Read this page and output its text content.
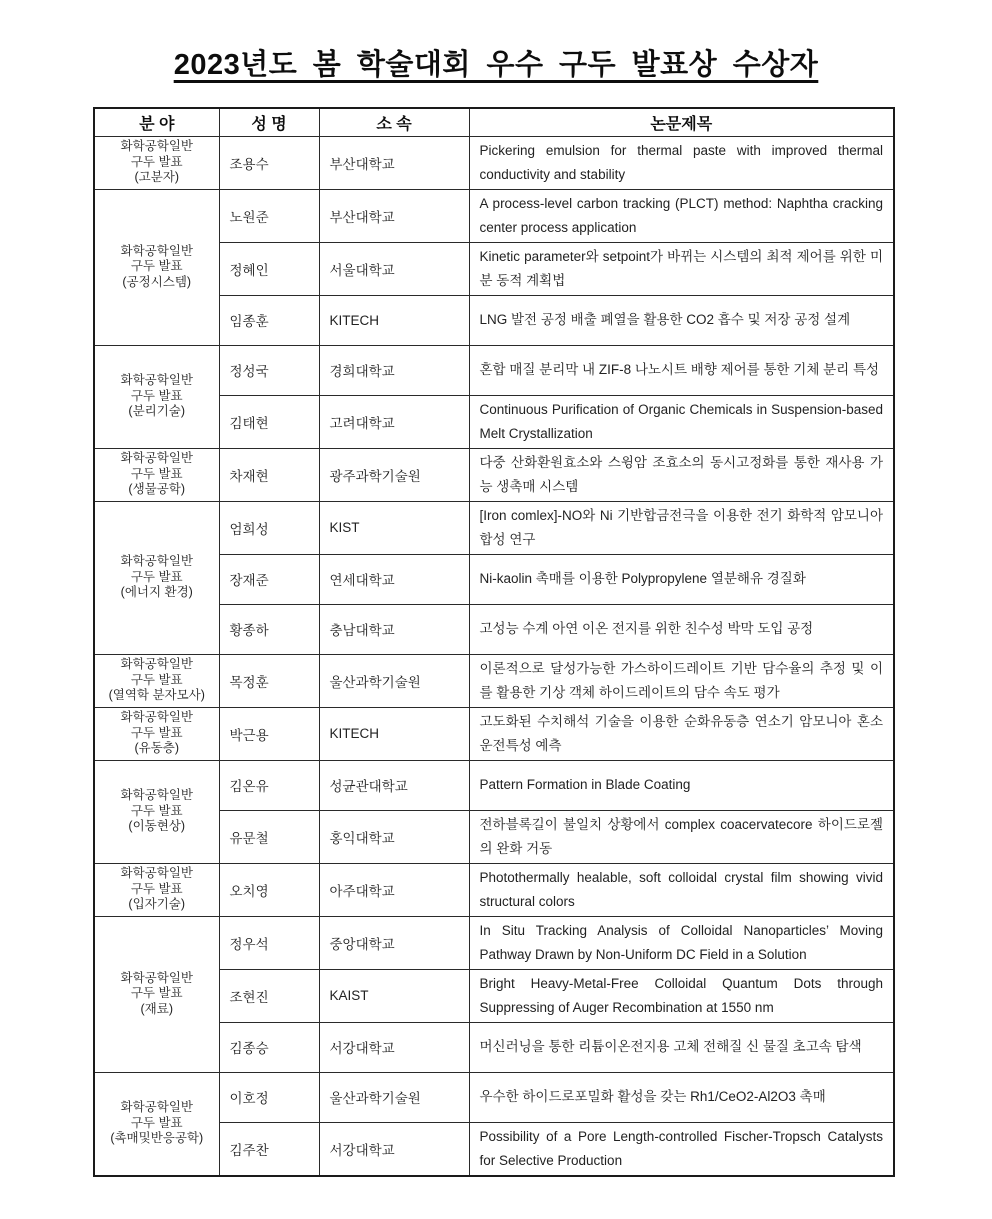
2023년도 봄 학술대회 우수 구두 발표상 수상자
분 야	성 명	소 속	논문제목

화학공학일반
구두 발표
(고분자)	조용수	부산대학교	Pickering emulsion for thermal paste with improved thermal conductivity and stability

화학공학일반
구두 발표
(공정시스템)	노원준	부산대학교	A process-level carbon tracking (PLCT) method: Naphtha cracking center process application
	정혜인	서울대학교	Kinetic parameter와 setpoint가 바뀌는 시스템의 최적 제어를 위한 미분 동적 계획법
	임종훈	KITECH	LNG 발전 공정 배출 폐열을 활용한 CO2 흡수 및 저장 공정 설계

화학공학일반
구두 발표
(분리기술)	정성국	경희대학교	혼합 매질 분리막 내 ZIF-8 나노시트 배향 제어를 통한 기체 분리 특성
	김태현	고려대학교	Continuous Purification of Organic Chemicals in Suspension-based Melt Crystallization

화학공학일반
구두 발표
(생물공학)	차재현	광주과학기술원	다중 산화환원효소와 스윙암 조효소의 동시고정화를 통한 재사용 가능 생촉매 시스템

화학공학일반
구두 발표
(에너지 환경)	엄희성	KIST	[Iron comlex]-NO와 Ni 기반합금전극을 이용한 전기 화학적 암모니아 합성 연구
	장재준	연세대학교	Ni-kaolin 촉매를 이용한 Polypropylene 열분해유 경질화
	황종하	충남대학교	고성능 수계 아연 이온 전지를 위한 친수성 박막 도입 공정

화학공학일반
구두 발표
(열역학 분자모사)	목정훈	울산과학기술원	이론적으로 달성가능한 가스하이드레이트 기반 담수율의 추정 및 이를 활용한 기상 객체 하이드레이트의 담수 속도 평가

화학공학일반
구두 발표
(유동층)	박근용	KITECH	고도화된 수치해석 기술을 이용한 순화유동층 연소기 암모니아 혼소 운전특성 예측

화학공학일반
구두 발표
(이동현상)	김온유	성균관대학교	Pattern Formation in Blade Coating
	유문철	홍익대학교	전하블록길이 불일치 상황에서 complex coacervatecore 하이드로젤의 완화 거동

화학공학일반
구두 발표
(입자기술)	오치영	아주대학교	Photothermally healable, soft colloidal crystal film showing vivid structural colors

화학공학일반
구두 발표
(재료)	정우석	중앙대학교	In Situ Tracking Analysis of Colloidal Nanoparticles’ Moving Pathway Drawn by Non-Uniform DC Field in a Solution
	조현진	KAIST	Bright Heavy-Metal-Free Colloidal Quantum Dots through Suppressing of Auger Recombination at 1550 nm
	김종승	서강대학교	머신러닝을 통한 리튬이온전지용 고체 전해질 신 물질 초고속 탐색

화학공학일반
구두 발표
(촉매및반응공학)	이호정	울산과학기술원	우수한 하이드로포밀화 활성을 갖는 Rh1/CeO2-Al2O3 촉매
	김주찬	서강대학교	Possibility of a Pore Length-controlled Fischer-Tropsch Catalysts for Selective Production
